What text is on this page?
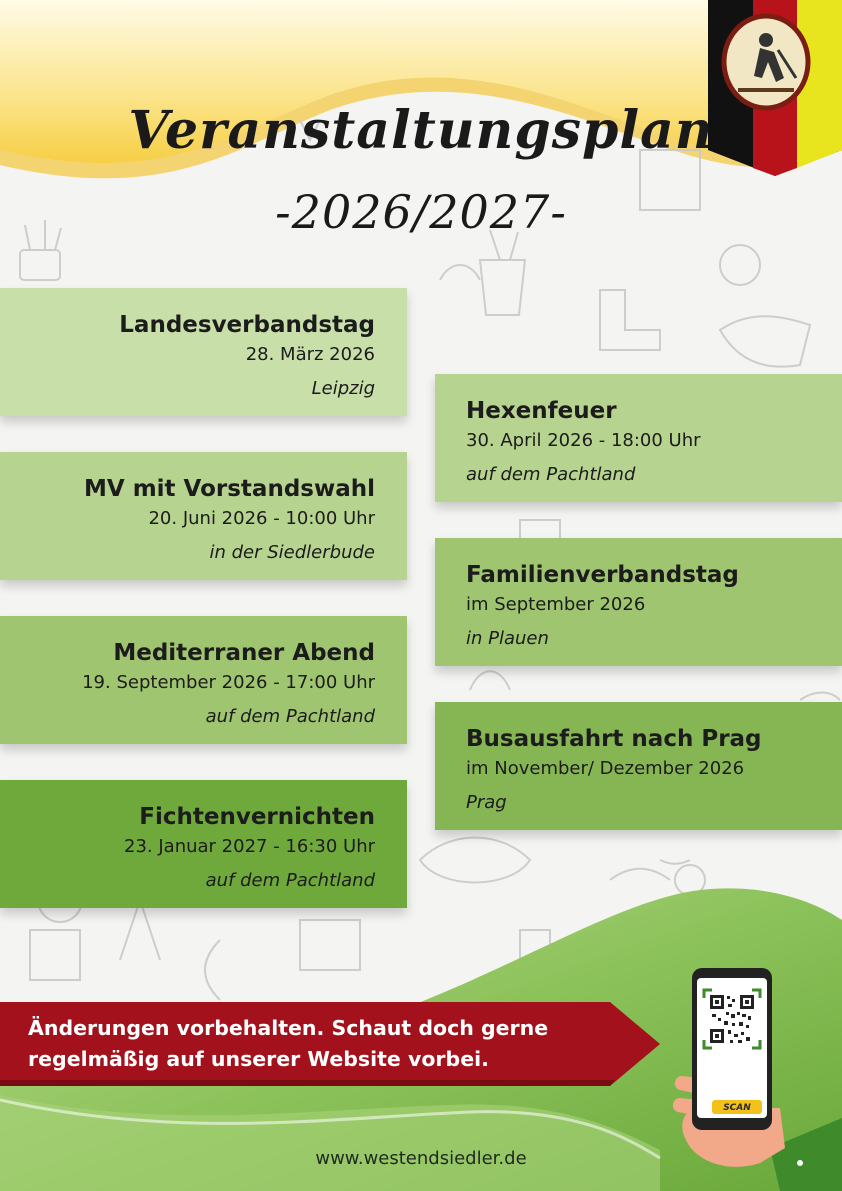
Veranstaltungsplan
-2026/2027-
Landesverbandstag
28. März 2026
Leipzig
MV mit Vorstandswahl
20. Juni 2026 - 10:00 Uhr
in der Siedlerbude
Mediterraner Abend
19. September 2026 - 17:00 Uhr
auf dem Pachtland
Fichtenvernichten
23. Januar 2027 - 16:30 Uhr
auf dem Pachtland
Hexenfeuer
30. April 2026 - 18:00 Uhr
auf dem Pachtland
Familienverbandstag
im September 2026
in Plauen
Busausfahrt nach Prag
im November/ Dezember 2026
Prag
Änderungen vorbehalten. Schaut doch gerne
regelmäßig auf unserer Website vorbei.
SCAN
www.westendsiedler.de
